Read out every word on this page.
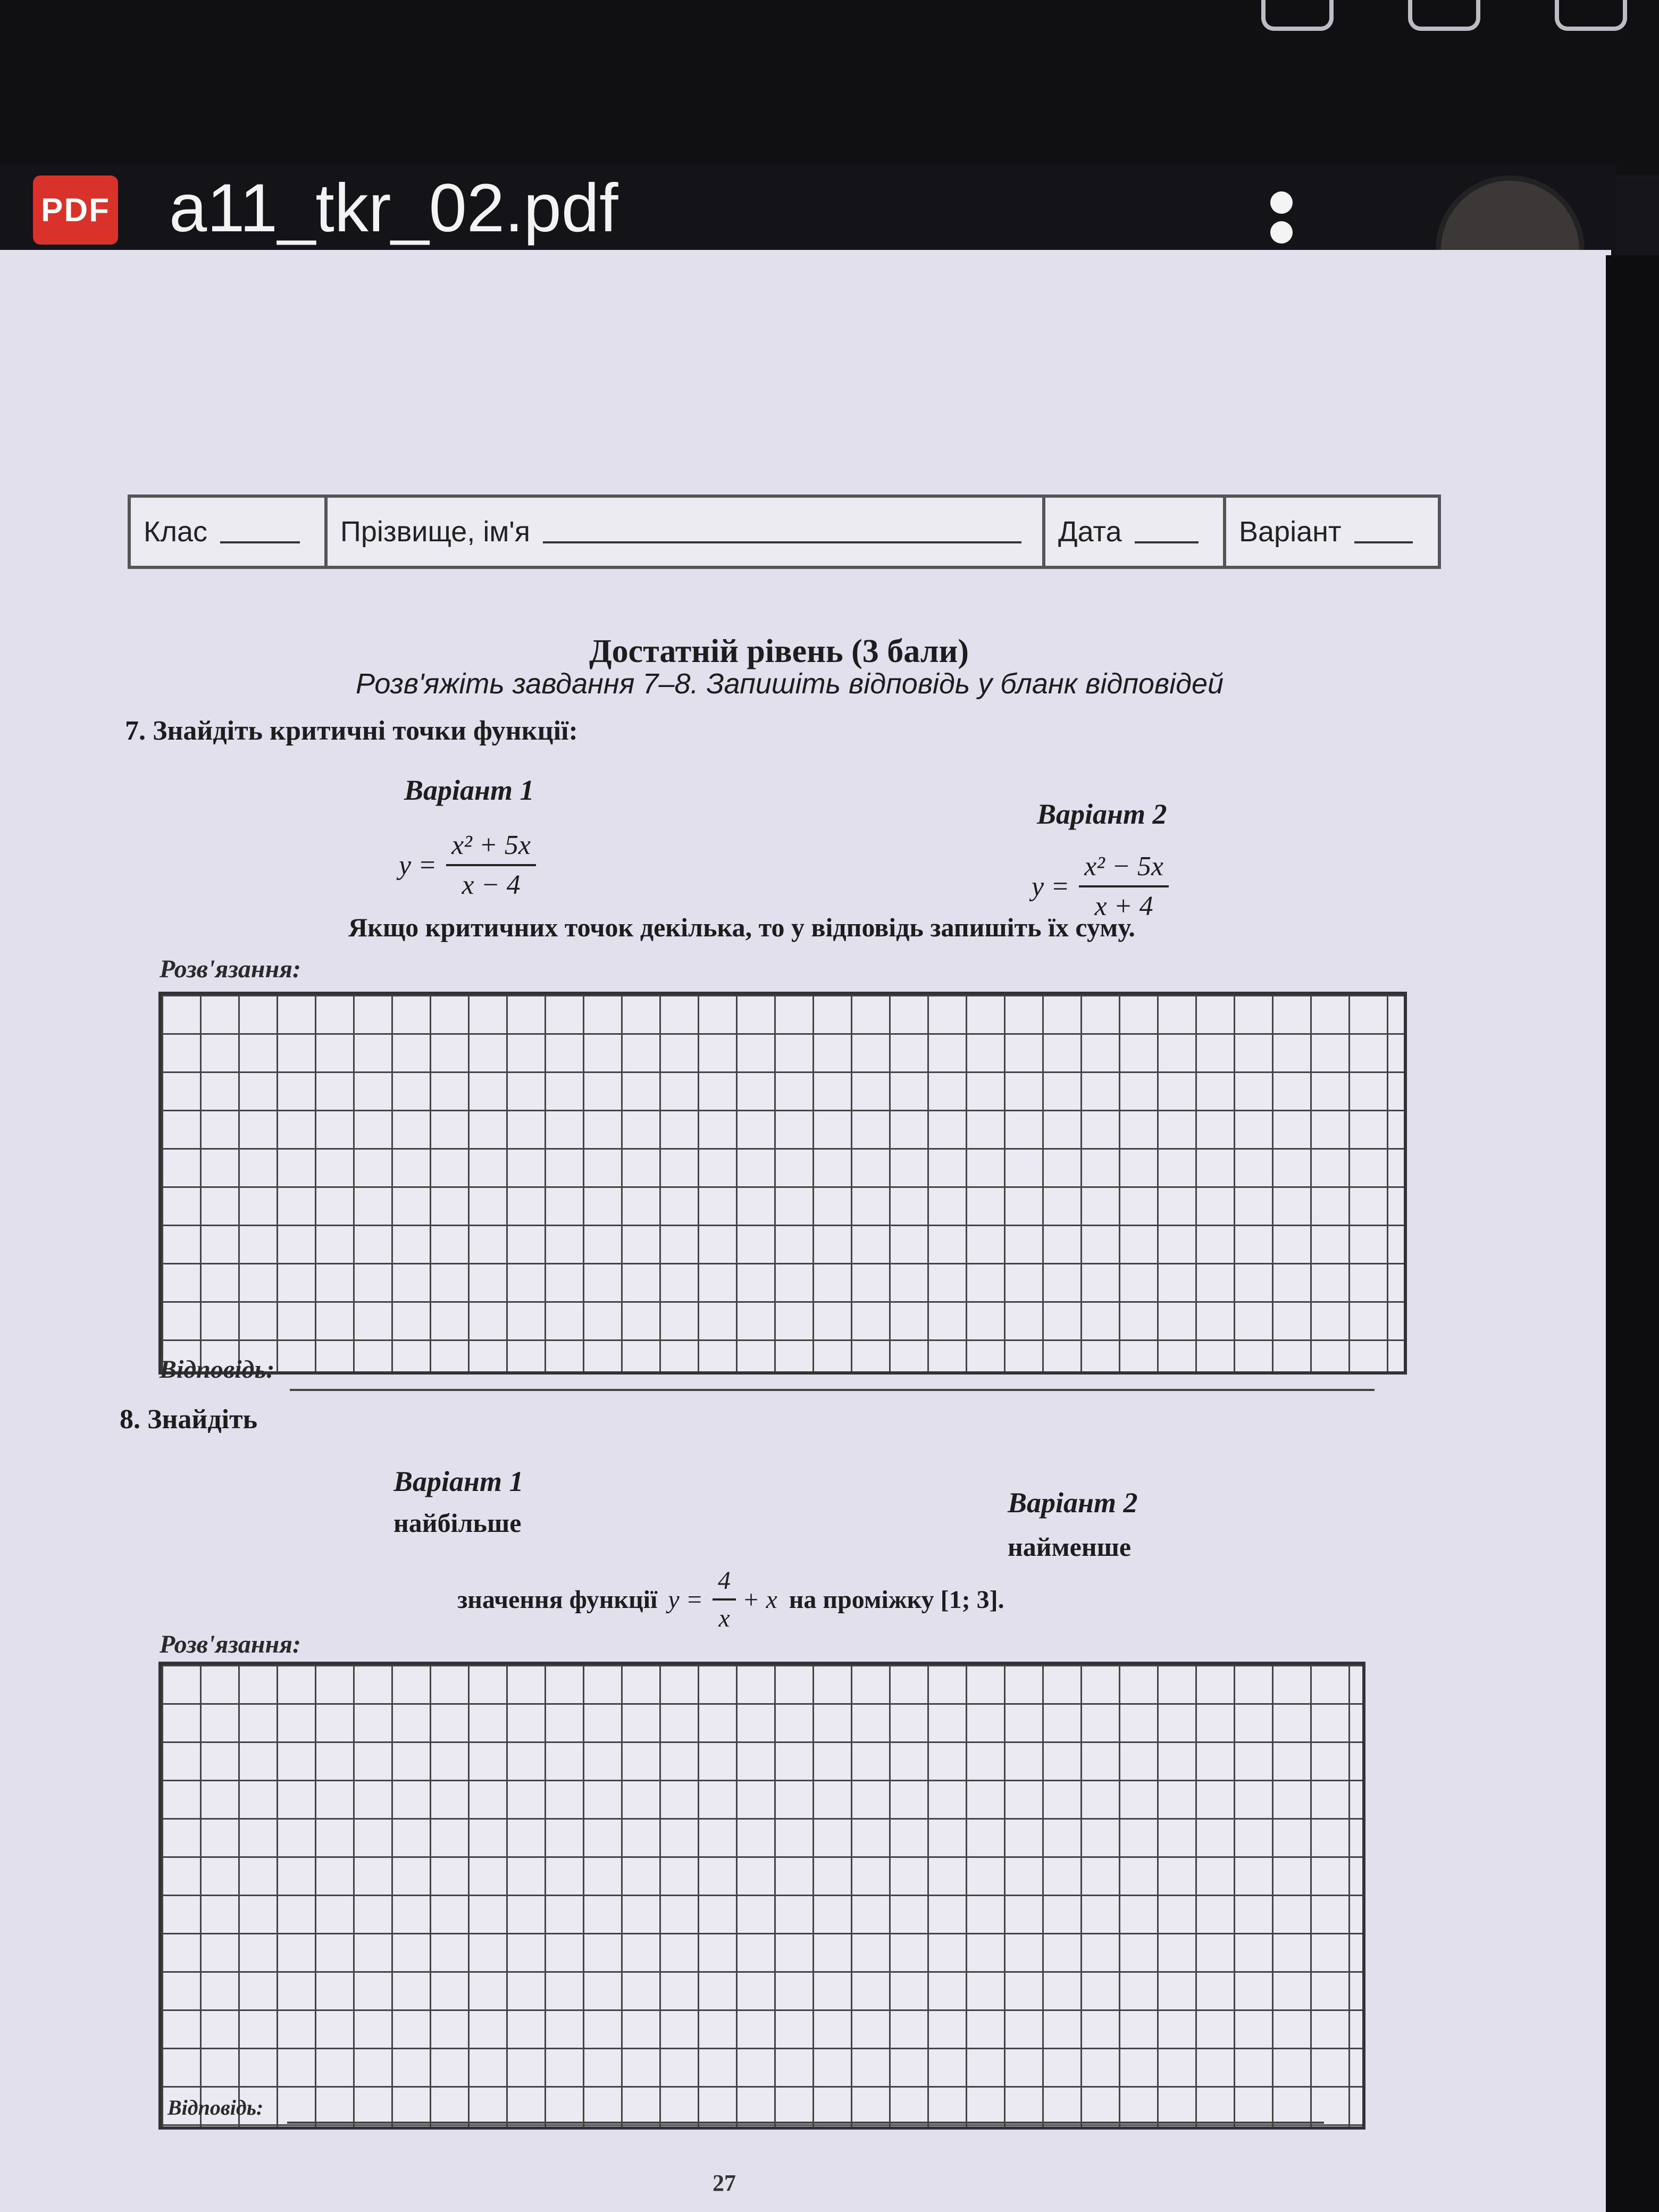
PDF a11_tkr_02.pdf
Клас	Прізвище, ім'я	Дата	Варіант
Достатній рівень (3 бали)
Розв'яжіть завдання 7–8. Запишіть відповідь у бланк відповідей
7. Знайдіть критичні точки функції:
Варіант 1
Варіант 2
$y = \frac{\text{x² + 5x}}{x - 4}$	$y = \frac{\text{x² − 5x}}{x + 4}$
Якщо критичних точок декілька, то у відповідь запишіть їх суму.
Розв'язання:
Відповідь:
8. Знайдіть
Варіант 1
найбільше
Варіант 2
найменше
значення функції $y = \frac{4}{x} + x$ на проміжку [1; 3].
Розв'язання:
Відповідь:
27
